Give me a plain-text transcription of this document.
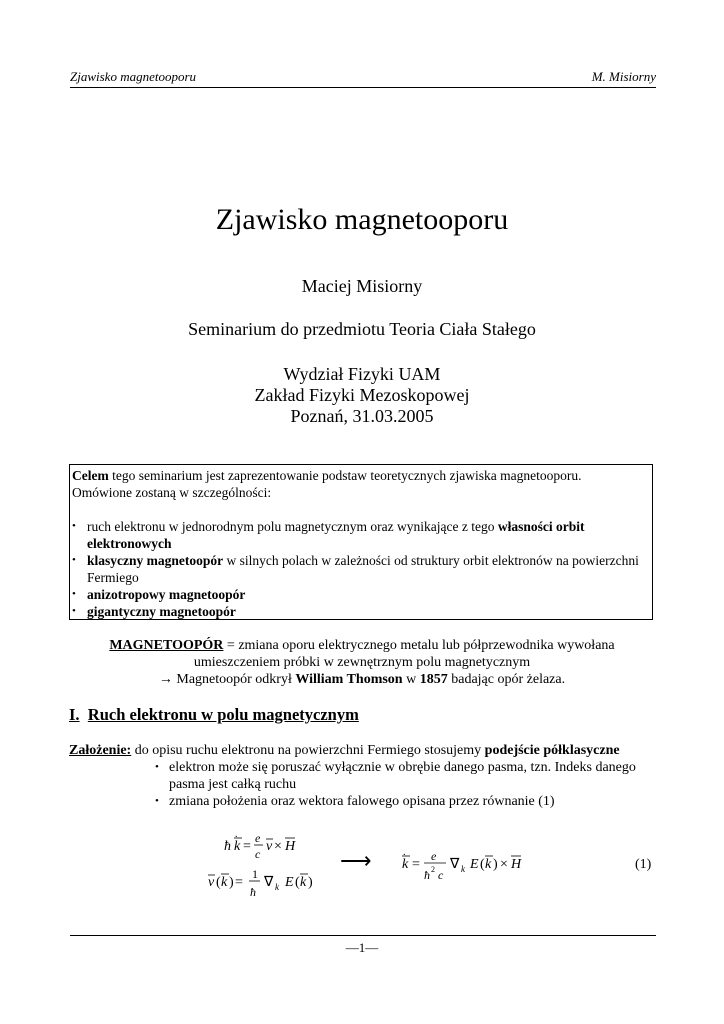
Zjawisko magnetooporu	M. Misiorny
Zjawisko magnetooporu
Maciej Misiorny
Seminarium do przedmiotu Teoria Ciała Stałego
Wydział Fizyki UAM
Zakład Fizyki Mezoskopowej
Poznań, 31.03.2005

Celem tego seminarium jest zaprezentowanie podstaw teoretycznych zjawiska magnetooporu.

Omówione zostaną w szczególności:

• ruch elektronu w jednorodnym polu magnetycznym oraz wynikające z tego własności orbit elektronowych
• klasyczny magnetoopór w silnych polach w zależności od struktury orbit elektronów na powierzchni Fermiego
• anizotropowy magnetoopór
• gigantyczny magnetoopór
MAGNETOOPÓR = zmiana oporu elektrycznego metalu lub półprzewodnika wywołana
umieszczeniem próbki w zewnętrznym polu magnetycznym
→ Magnetoopór odkrył William Thomson w 1857 badając opór żelaza.
I. Ruch elektronu w polu magnetycznym
Założenie: do opisu ruchu elektronu na powierzchni Fermiego stosujemy podejście półklasyczne
• elektron może się poruszać wyłącznie w obrębie danego pasma, tzn. Indeks danego pasma jest całką ruchu
• zmiana położenia oraz wektora falowego opisana przez równanie (1)
ħ k
.
=
e
c v × H
v ( k ) =
1
ħ
∇ k E ( k )
⟶ k
.
=
e
ħ 2 c
∇ k E ( k ) × H	(1)
—1—
